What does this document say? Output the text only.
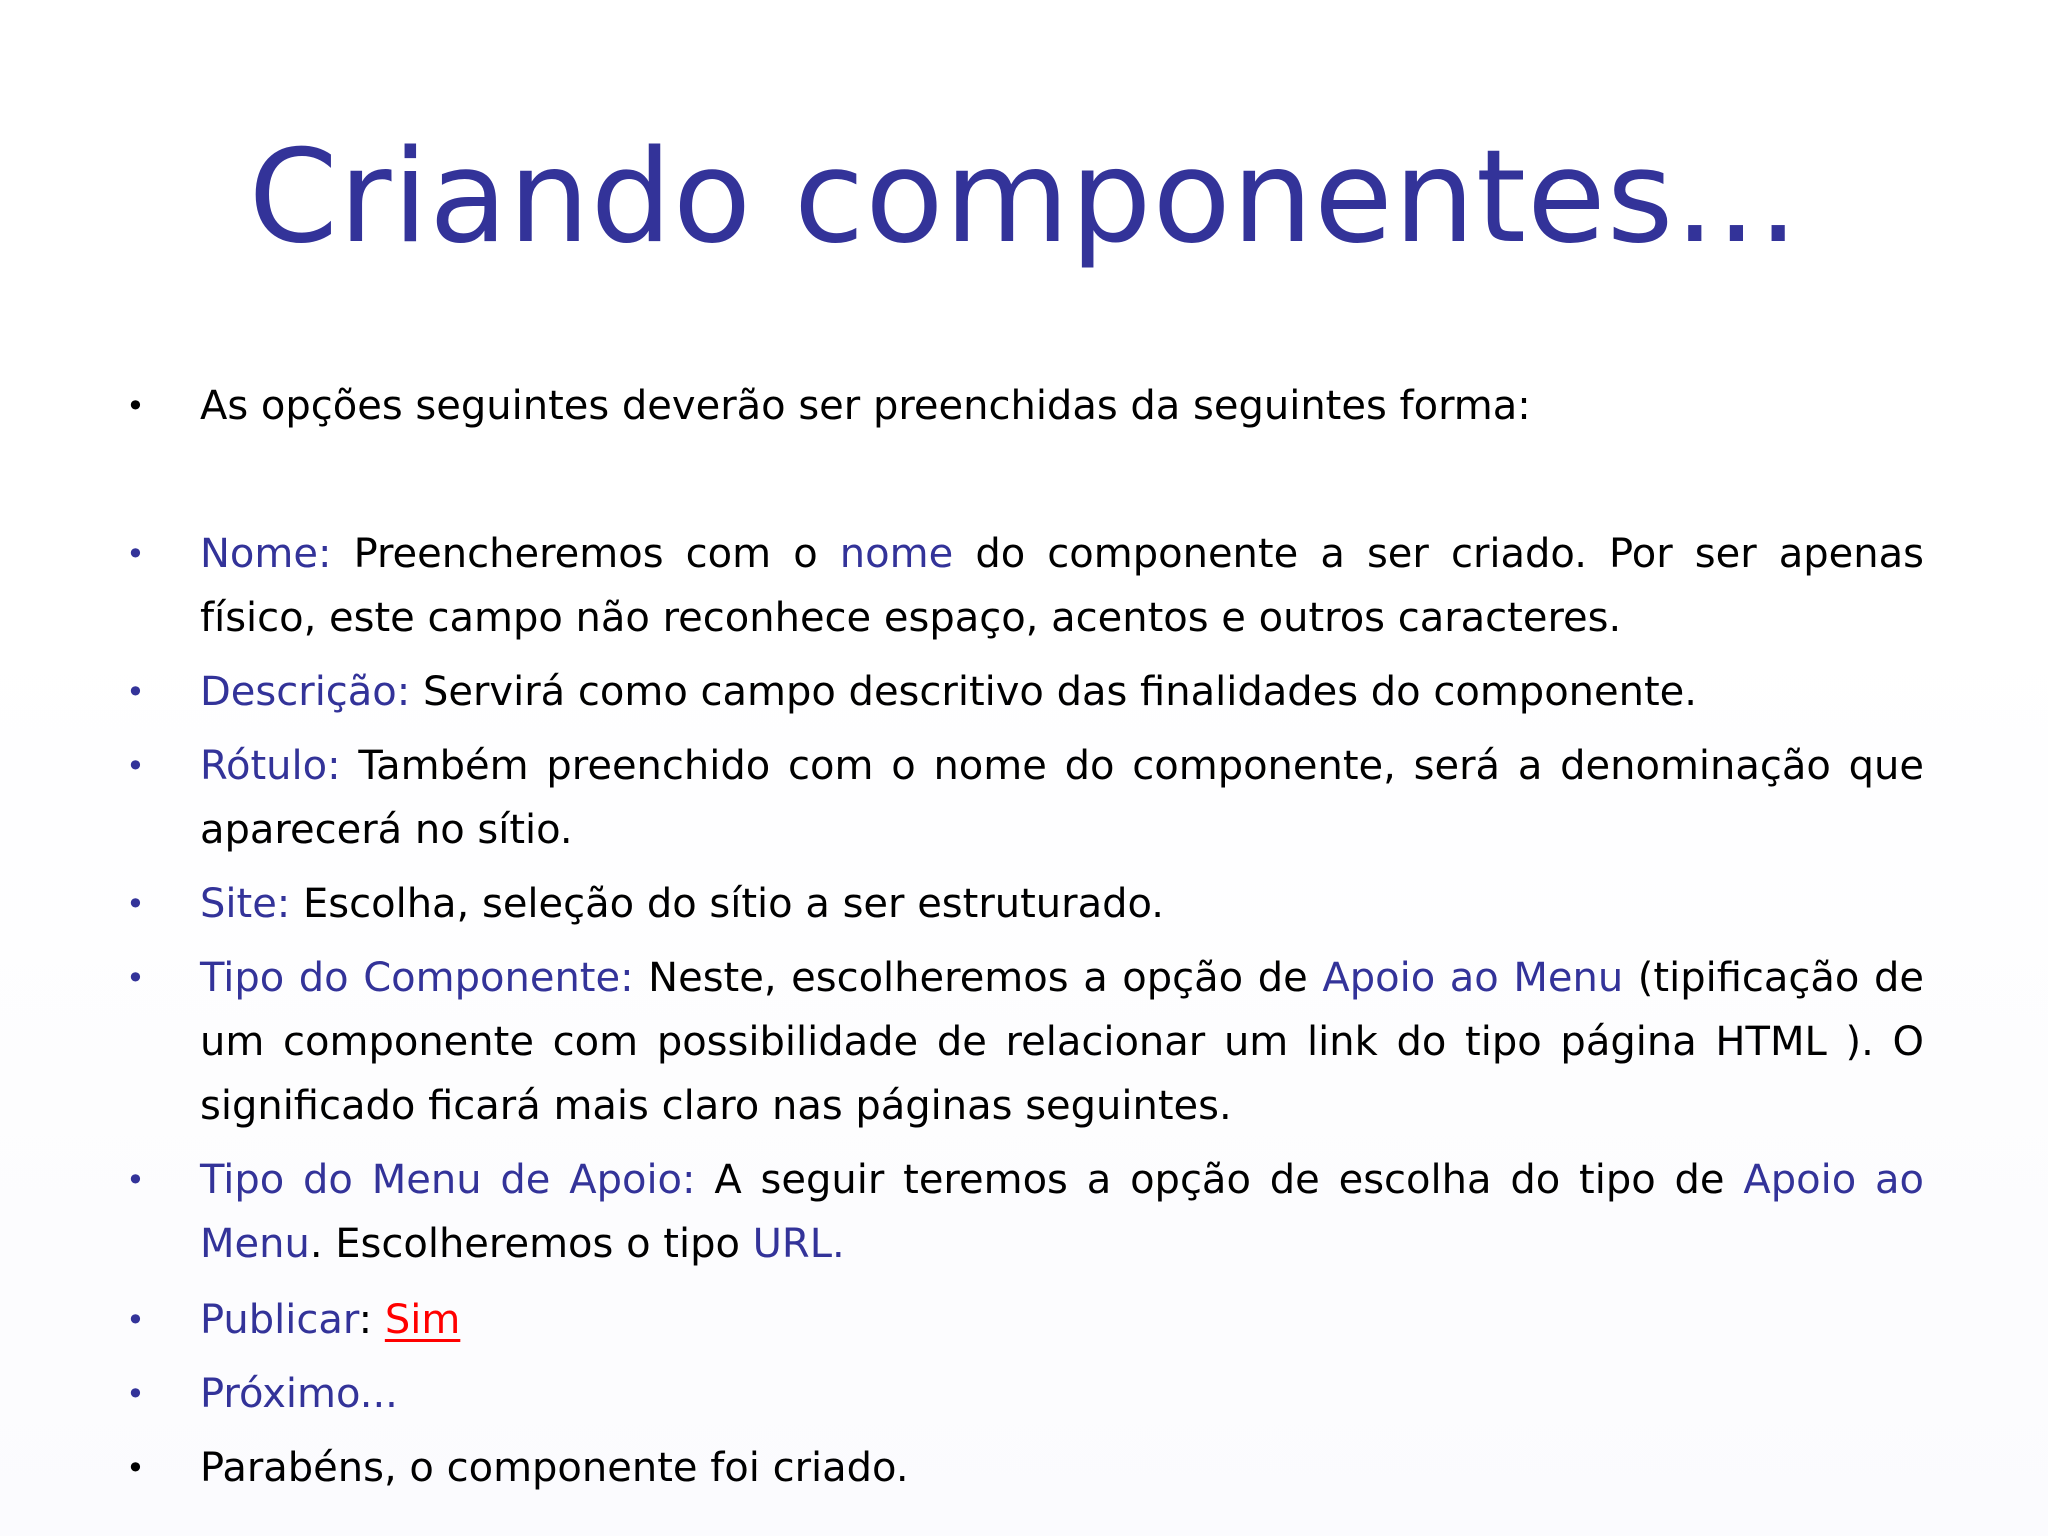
Criando componentes...
• As opções seguintes deverão ser preenchidas da seguintes forma:
• Nome: Preencheremos com o nome do componente a ser criado. Por ser apenas físico, este campo não reconhece espaço, acentos e outros caracteres.
• Descrição: Servirá como campo descritivo das finalidades do componente.
• Rótulo: Também preenchido com o nome do componente, será a denominação que aparecerá no sítio.
• Site: Escolha, seleção do sítio a ser estruturado.
• Tipo do Componente: Neste, escolheremos a opção de Apoio ao Menu (tipificação de um componente com possibilidade de relacionar um link do tipo página HTML ). O significado ficará mais claro nas páginas seguintes.
• Tipo do Menu de Apoio: A seguir teremos a opção de escolha do tipo de Apoio ao Menu. Escolheremos o tipo URL.
• Publicar: Sim
• Próximo...
• Parabéns, o componente foi criado.
